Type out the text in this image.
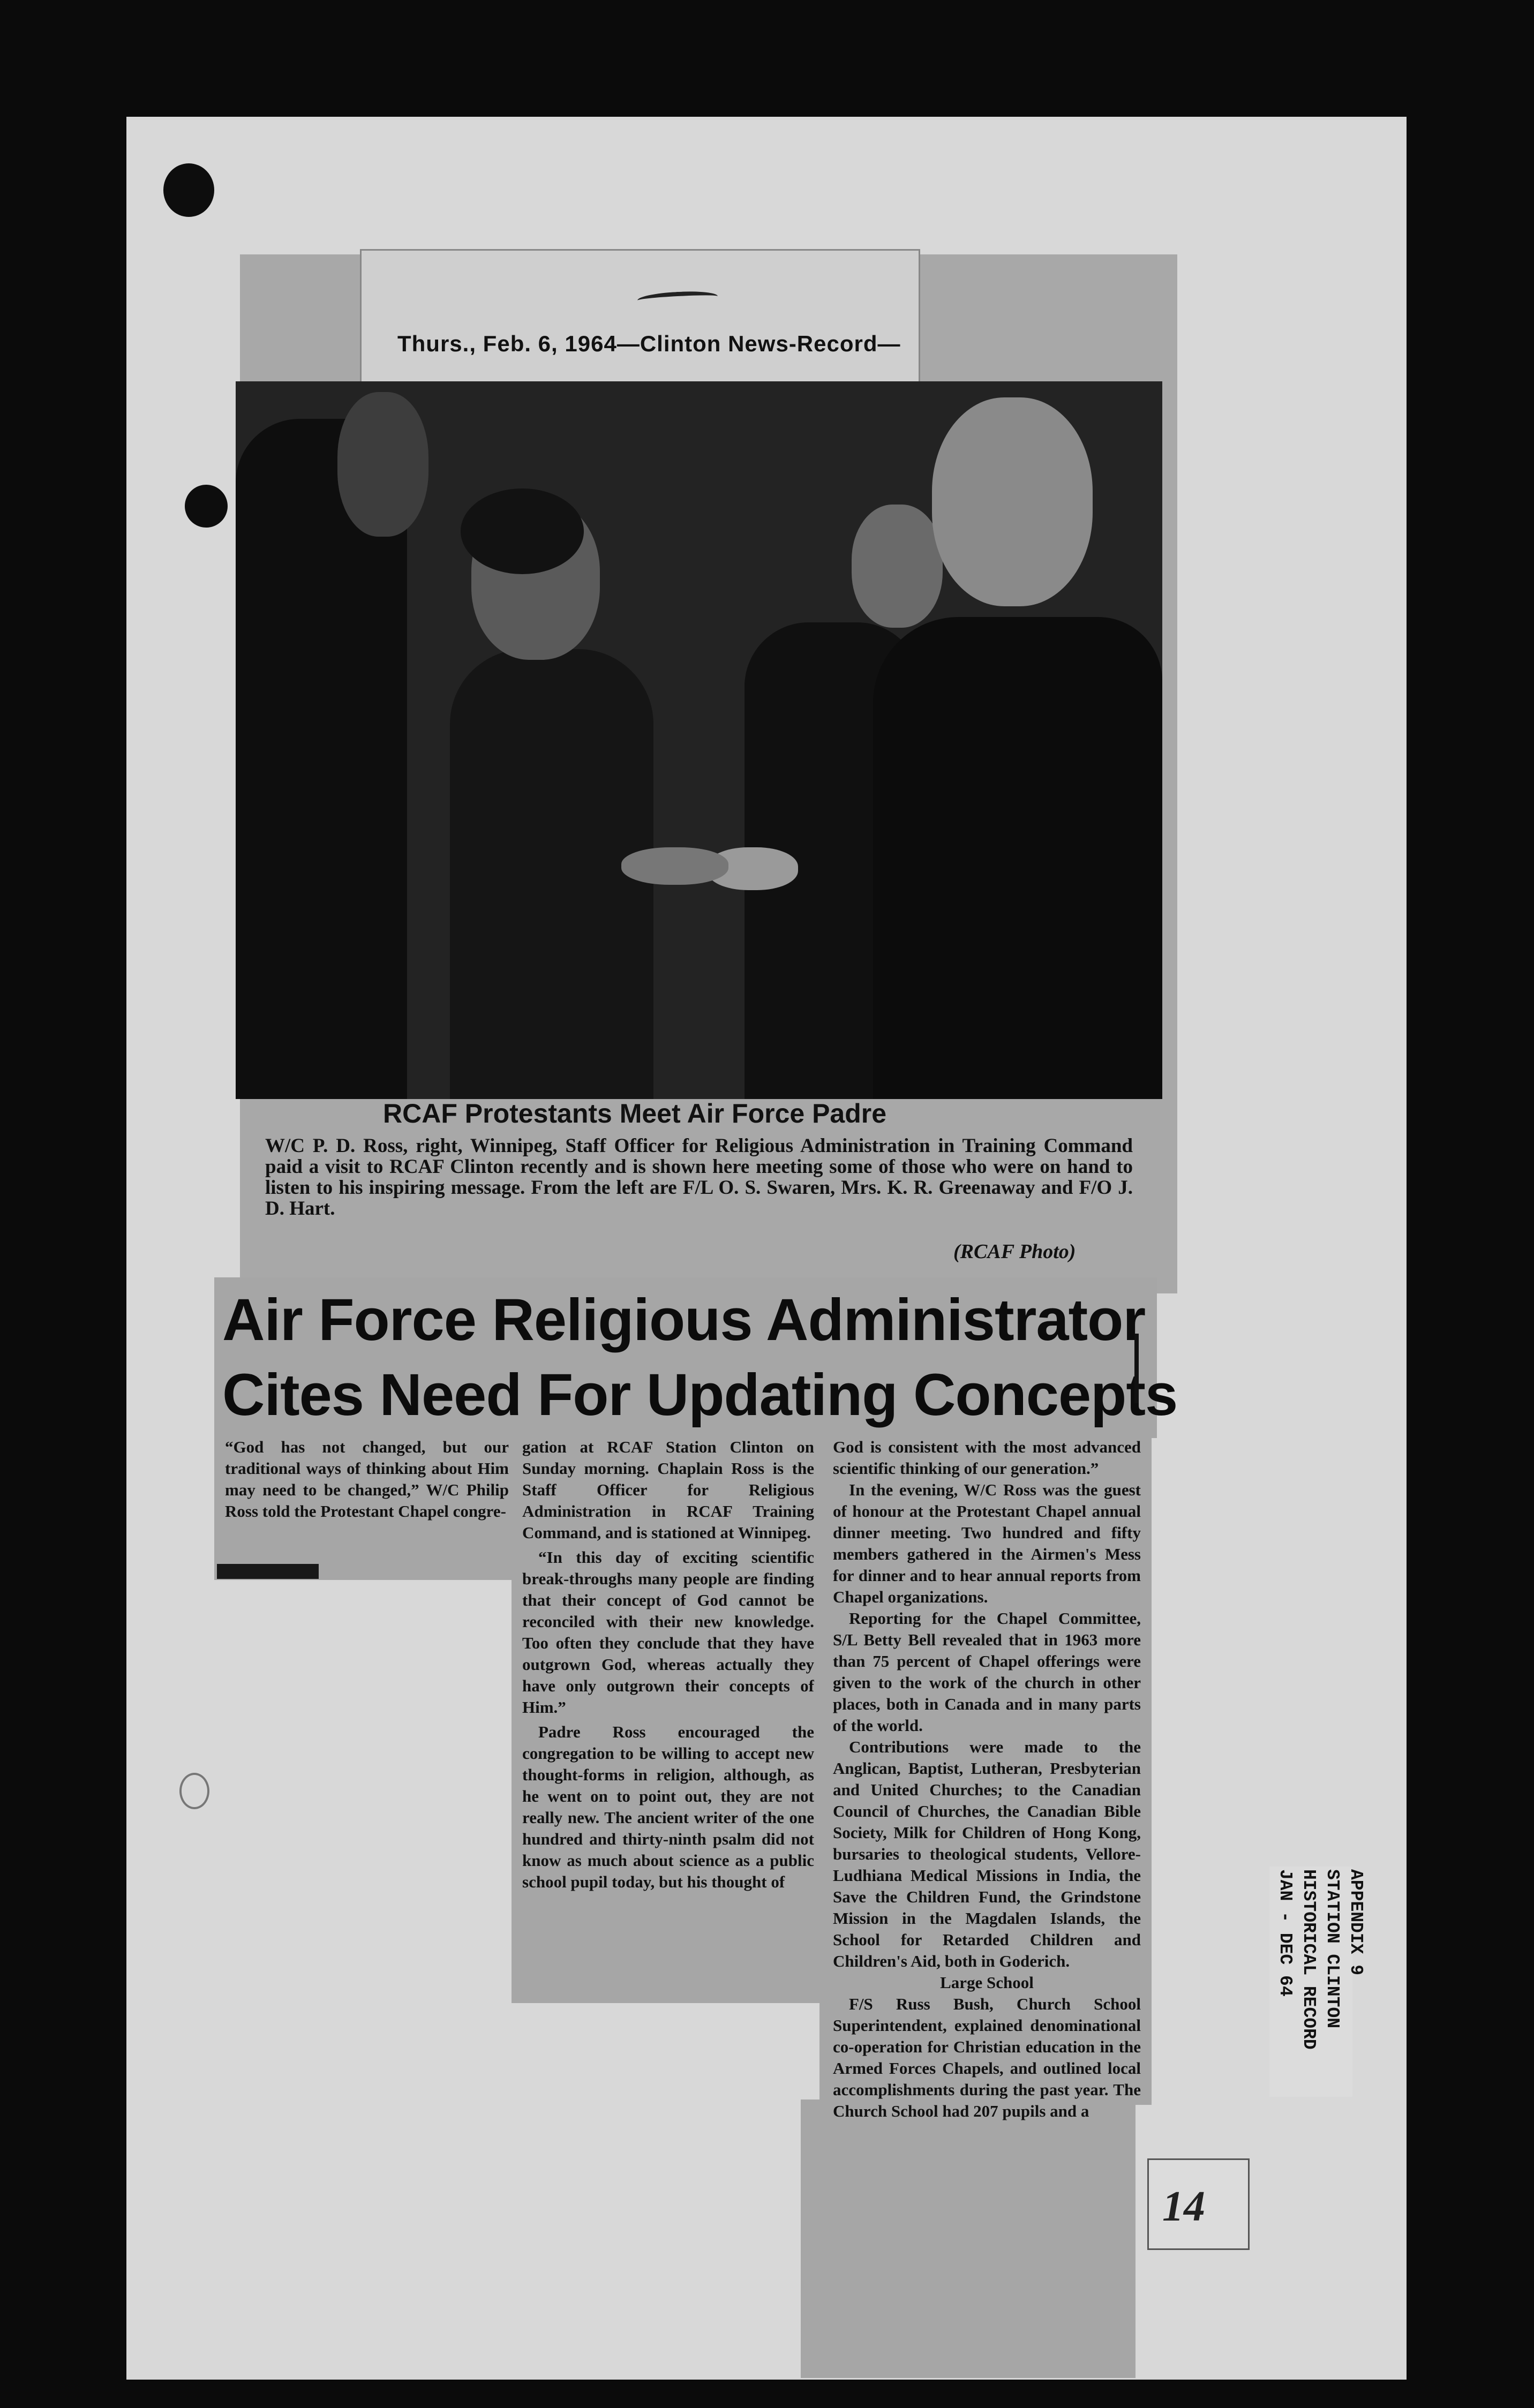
Thurs., Feb. 6, 1964—Clinton News-Record—
RCAF Protestants Meet Air Force Padre
W/C P. D. Ross, right, Winnipeg, Staff Officer for Religious Administration in Training Command paid a visit to RCAF Clinton recently and is shown here meeting some of those who were on hand to listen to his inspiring message. From the left are F/L O. S. Swaren, Mrs. K. R. Greenaway and F/O J. D. Hart.
(RCAF Photo)
Air Force Religious Administrator
Cites Need For Updating Concepts
“God has not changed, but our traditional ways of thinking about Him may need to be changed,” W/C Philip Ross told the Protestant Chapel congre-
gation at RCAF Station Clinton on Sunday morning. Chaplain Ross is the Staff Officer for Religious Administration in RCAF Training Command, and is stationed at Winnipeg.
“In this day of exciting scientific break-throughs many people are finding that their concept of God cannot be reconciled with their new knowledge. Too often they conclude that they have outgrown God, whereas actually they have only outgrown their concepts of Him.”
Padre Ross encouraged the congregation to be willing to accept new thought-forms in religion, although, as he went on to point out, they are not really new. The ancient writer of the one hundred and thirty-ninth psalm did not know as much about science as a public school pupil today, but his thought of
God is consistent with the most advanced scientific thinking of our generation.”
In the evening, W/C Ross was the guest of honour at the Protestant Chapel annual dinner meeting. Two hundred and fifty members gathered in the Airmen's Mess for dinner and to hear annual reports from Chapel organizations.
Reporting for the Chapel Committee, S/L Betty Bell revealed that in 1963 more than 75 percent of Chapel offerings were given to the work of the church in other places, both in Canada and in many parts of the world.
Contributions were made to the Anglican, Baptist, Lutheran, Presbyterian and United Churches; to the Canadian Council of Churches, the Canadian Bible Society, Milk for Children of Hong Kong, bursaries to theological students, Vellore-Ludhiana Medical Missions in India, the Save the Children Fund, the Grindstone Mission in the Magdalen Islands, the School for Retarded Children and Children's Aid, both in Goderich.
Large School
F/S Russ Bush, Church School Superintendent, explained denominational co-operation for Christian education in the Armed Forces Chapels, and outlined local accomplishments during the past year. The Church School had 207 pupils and a
APPENDIX 9
STATION CLINTON
HISTORICAL RECORD
JAN - DEC 64
14
